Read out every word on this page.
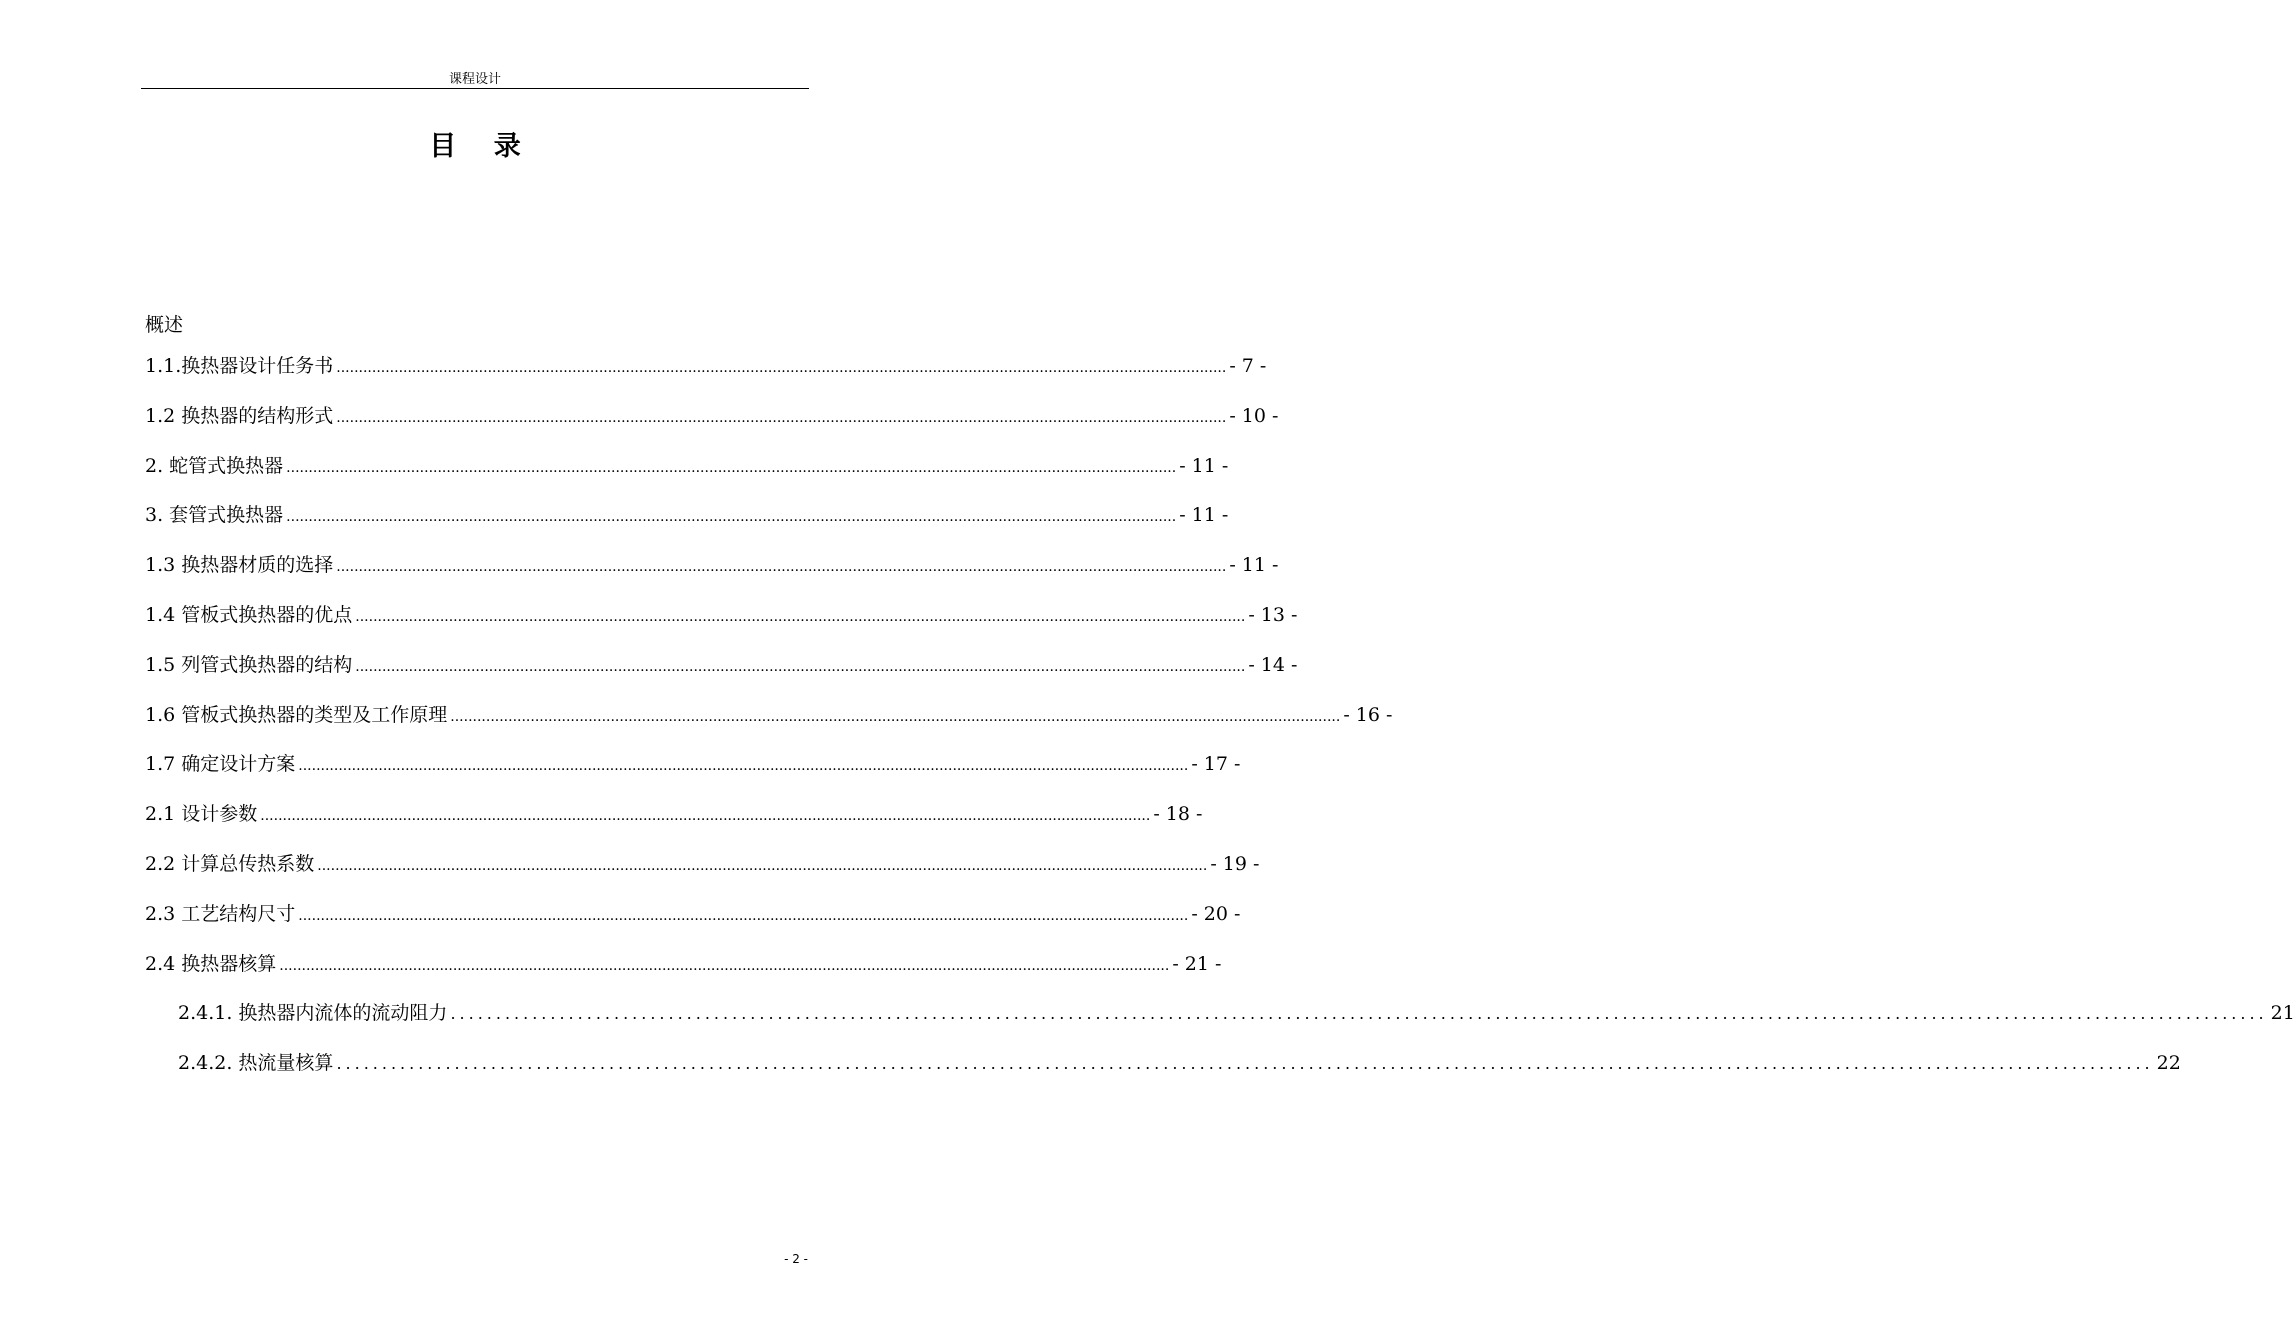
课程设计
目 录
概述
1.1.换热器设计任务书 ........................................................................................................................................................................................................ - 7 -
1.2 换热器的结构形式 ........................................................................................................................................................................................................ - 10 -
2. 蛇管式换热器 ........................................................................................................................................................................................................ - 11 -
3. 套管式换热器 ........................................................................................................................................................................................................ - 11 -
1.3 换热器材质的选择 ........................................................................................................................................................................................................ - 11 -
1.4 管板式换热器的优点 ........................................................................................................................................................................................................ - 13 -
1.5 列管式换热器的结构 ........................................................................................................................................................................................................ - 14 -
1.6 管板式换热器的类型及工作原理 ........................................................................................................................................................................................................ - 16 -
1.7 确定设计方案 ........................................................................................................................................................................................................ - 17 -
2.1 设计参数 ........................................................................................................................................................................................................ - 18 -
2.2 计算总传热系数 ........................................................................................................................................................................................................ - 19 -
2.3 工艺结构尺寸 ........................................................................................................................................................................................................ - 20 -
2.4 换热器核算 ........................................................................................................................................................................................................ - 21 -
2.4.1. 换热器内流体的流动阻力 ........................................................................................................................................................................................................ 21
2.4.2. 热流量核算 ........................................................................................................................................................................................................ 22
- 2 -
